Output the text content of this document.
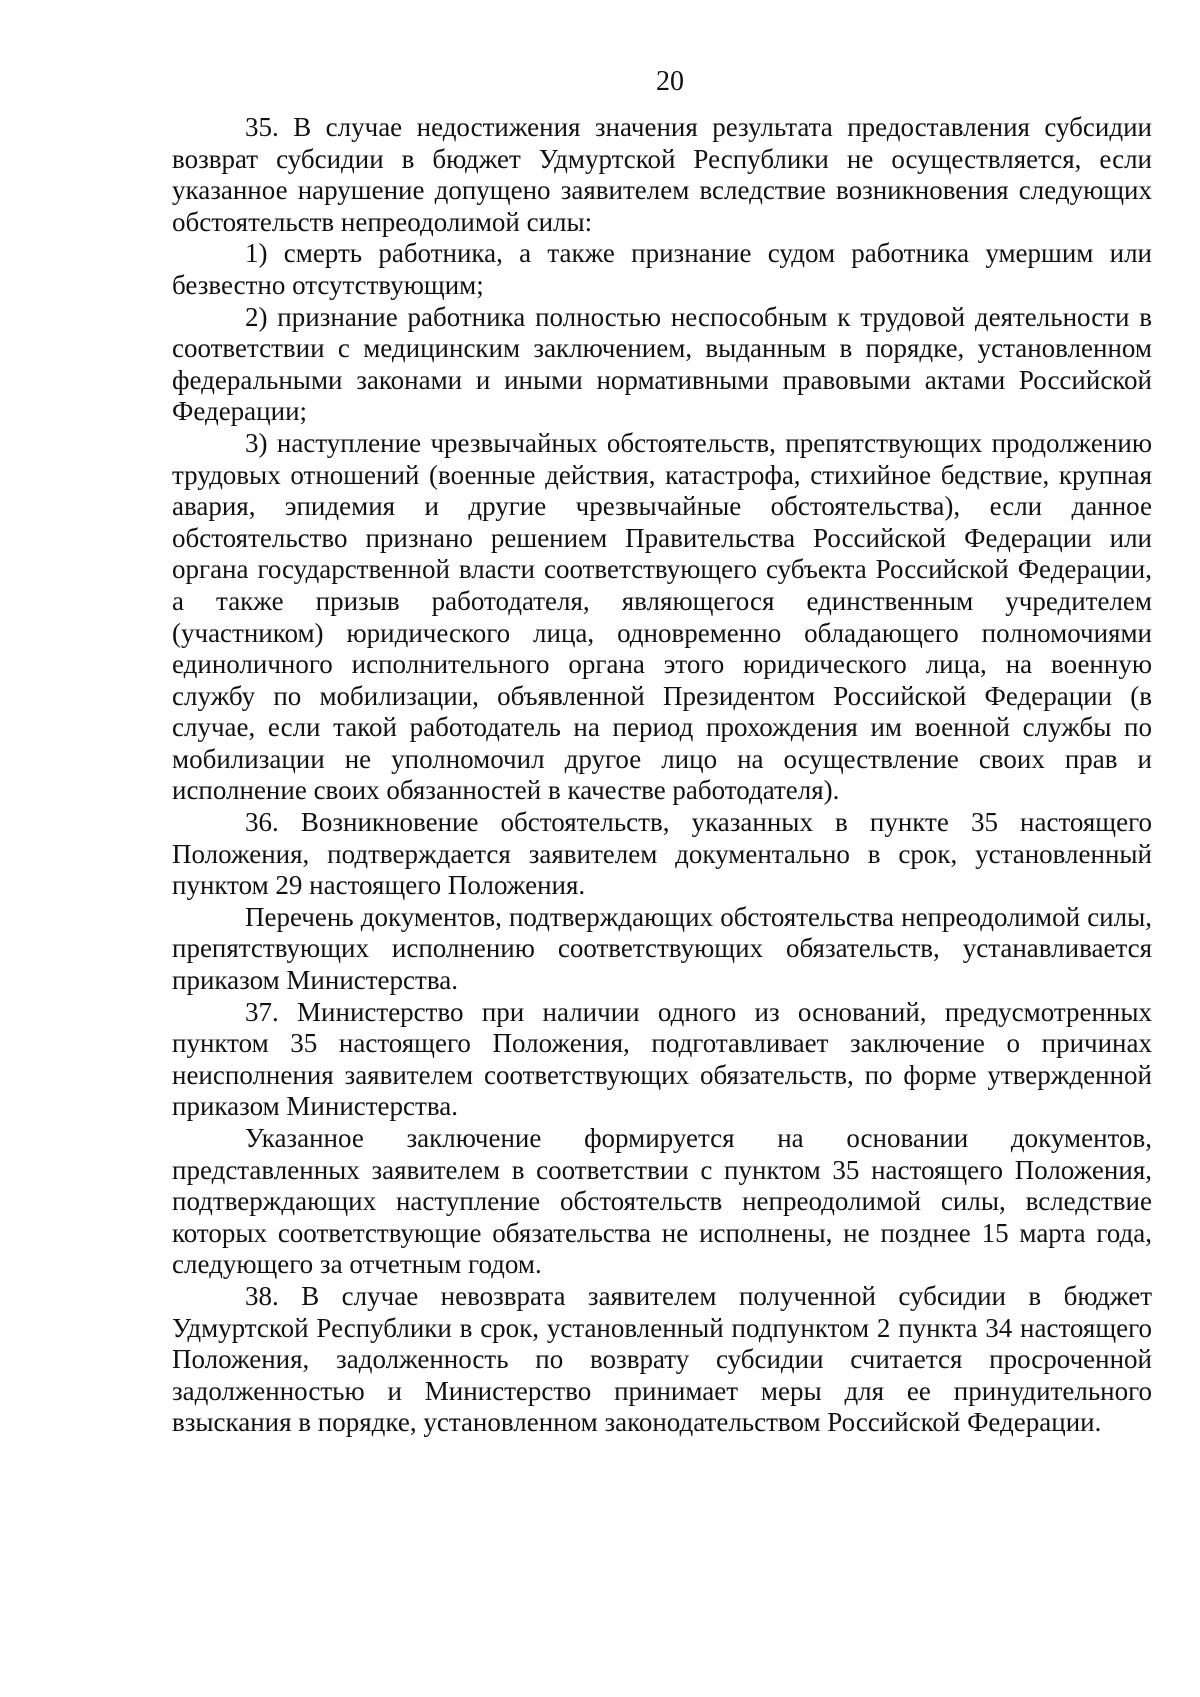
20

35. В случае недостижения значения результата предоставления субсидии возврат субсидии в бюджет Удмуртской Республики не осуществляется, если указанное нарушение допущено заявителем вследствие возникновения следующих обстоятельств непреодолимой силы:

1) смерть работника, а также признание судом работника умершим или безвестно отсутствующим;

2) признание работника полностью неспособным к трудовой деятельности в соответствии с медицинским заключением, выданным в порядке, установленном федеральными законами и иными нормативными правовыми актами Российской Федерации;

3) наступление чрезвычайных обстоятельств, препятствующих продолжению трудовых отношений (военные действия, катастрофа, стихийное бедствие, крупная авария, эпидемия и другие чрезвычайные обстоятельства), если данное обстоятельство признано решением Правительства Российской Федерации или органа государственной власти соответствующего субъекта Российской Федерации, а также призыв работодателя, являющегося единственным учредителем (участником) юридического лица, одновременно обладающего полномочиями единоличного исполнительного органа этого юридического лица, на военную службу по мобилизации, объявленной Президентом Российской Федерации (в случае, если такой работодатель на период прохождения им военной службы по мобилизации не уполномочил другое лицо на осуществление своих прав и исполнение своих обязанностей в качестве работодателя).

36. Возникновение обстоятельств, указанных в пункте 35 настоящего Положения, подтверждается заявителем документально в срок, установленный пунктом 29 настоящего Положения.

Перечень документов, подтверждающих обстоятельства непреодолимой силы, препятствующих исполнению соответствующих обязательств, устанавливается приказом Министерства.

37. Министерство при наличии одного из оснований, предусмотренных пунктом 35 настоящего Положения, подготавливает заключение о причинах неисполнения заявителем соответствующих обязательств, по форме утвержденной приказом Министерства.

Указанное заключение формируется на основании документов, представленных заявителем в соответствии с пунктом 35 настоящего Положения, подтверждающих наступление обстоятельств непреодолимой силы, вследствие которых соответствующие обязательства не исполнены, не позднее 15 марта года, следующего за отчетным годом.

38. В случае невозврата заявителем полученной субсидии в бюджет Удмуртской Республики в срок, установленный подпунктом 2 пункта 34 настоящего Положения, задолженность по возврату субсидии считается просроченной задолженностью и Министерство принимает меры для ее принудительного взыскания в порядке, установленном законодательством Российской Федерации.
